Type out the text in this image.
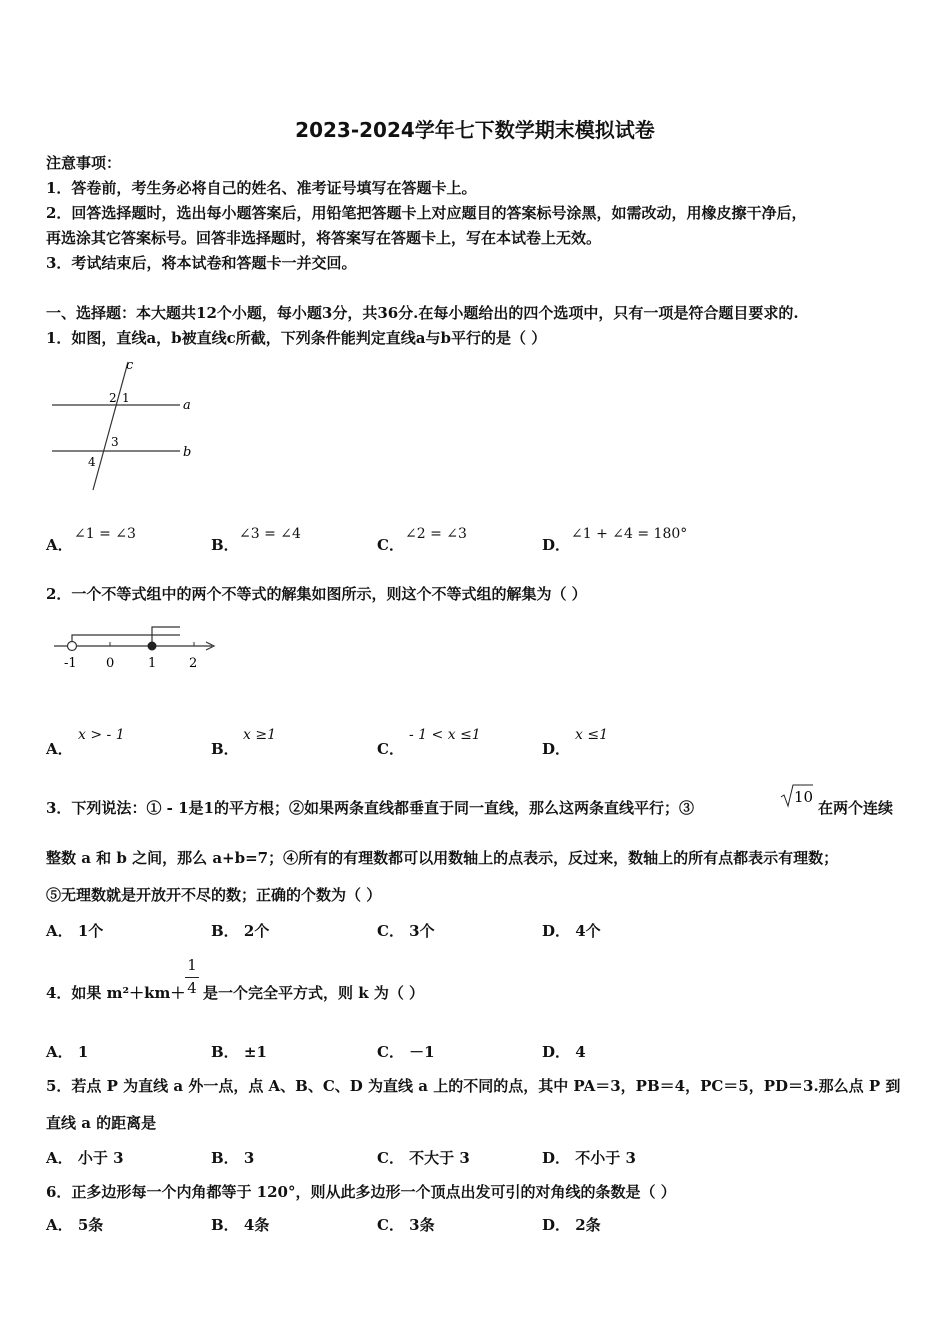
2023-2024学年七下数学期末模拟试卷
注意事项：
1．答卷前，考生务必将自己的姓名、准考证号填写在答题卡上。
2．回答选择题时，选出每小题答案后，用铅笔把答题卡上对应题目的答案标号涂黑，如需改动，用橡皮擦干净后，
再选涂其它答案标号。回答非选择题时，将答案写在答题卡上，写在本试卷上无效。
3．考试结束后，将本试卷和答题卡一并交回。
一、选择题：本大题共12个小题，每小题3分，共36分.在每小题给出的四个选项中，只有一项是符合题目要求的.
1．如图，直线a，b被直线c所截，下列条件能判定直线a与b平行的是（ ）
c
a
b
2 1
3
4
A．
∠1 = ∠3
B．
∠3 = ∠4
C．
∠2 = ∠3
D．
∠1 + ∠4 = 180°
2．一个不等式组中的两个不等式的解集如图所示，则这个不等式组的解集为（ ）
-1 0	1	2
A．
x > - 1
B．
x ≥1
C．
- 1 < x ≤1
D．
x ≤1
3．下列说法：① - 1是1的平方根；②如果两条直线都垂直于同一直线，那么这两条直线平行；③
10
在两个连续
整数 a 和 b 之间，那么 a+b=7；④所有的有理数都可以用数轴上的点表示，反过来，数轴上的所有点都表示有理数；
⑤无理数就是开放开不尽的数；正确的个数为（ ）
A． 1个	B． 2个	C． 3个	D． 4个
4．如果 $m^2+km+ \frac{1}{4}$ 是一个完全平方式，则 k 为（ ）
A． 1	B． ±1	C． －1	D． 4
5．若点 P 为直线 a 外一点，点 A、B、C、D 为直线 a 上的不同的点，其中 PA＝3，PB＝4，PC＝5，PD＝3.那么点 P 到
直线 a 的距离是
A． 小于 3	B． 3	C． 不大于 3	D． 不小于 3
6．正多边形每一个内角都等于 120°，则从此多边形一个顶点出发可引的对角线的条数是（ ）
A． 5条	B． 4条	C． 3条	D． 2条
